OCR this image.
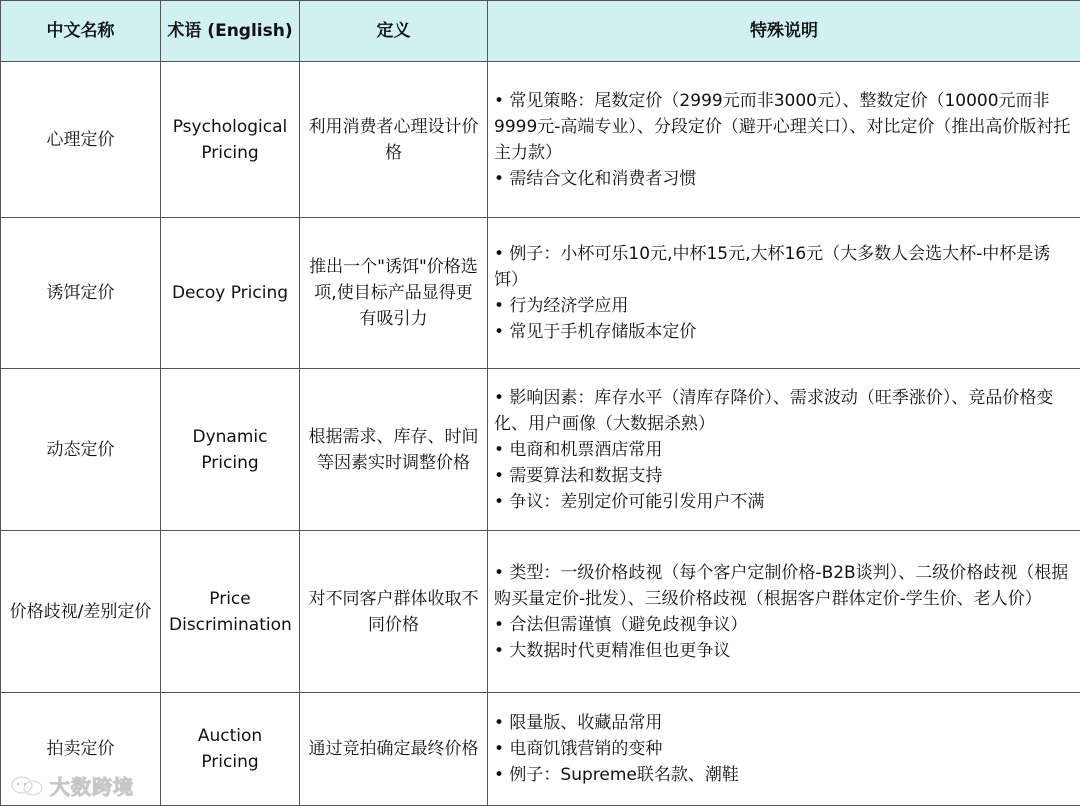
中文名称	术语 (English)	定义	特殊说明
心理定价	Psychological Pricing	利用消费者心理设计价格	• 常见策略：尾数定价（2999元而非3000元）、整数定价（10000元而非9999元-高端专业）、分段定价（避开心理关口）、对比定价（推出高价版衬托主力款）

• 需结合文化和消费者习惯

诱饵定价	Decoy Pricing	推出一个"诱饵"价格选项,使目标产品显得更有吸引力	• 例子：小杯可乐10元,中杯15元,大杯16元（大多数人会选大杯-中杯是诱饵）

• 行为经济学应用

• 常见于手机存储版本定价

动态定价	Dynamic Pricing	根据需求、库存、时间等因素实时调整价格	• 影响因素：库存水平（清库存降价）、需求波动（旺季涨价）、竞品价格变化、用户画像（大数据杀熟）

• 电商和机票酒店常用

• 需要算法和数据支持

• 争议：差别定价可能引发用户不满

价格歧视/差别定价	Price Discrimination	对不同客户群体收取不同价格	• 类型：一级价格歧视（每个客户定制价格-B2B谈判）、二级价格歧视（根据购买量定价-批发）、三级价格歧视（根据客户群体定价-学生价、老人价）

• 合法但需谨慎（避免歧视争议）

• 大数据时代更精准但也更争议

拍卖定价	Auction Pricing	通过竞拍确定最终价格	• 限量版、收藏品常用

• 电商饥饿营销的变种

• 例子：Supreme联名款、潮鞋

大数跨境
